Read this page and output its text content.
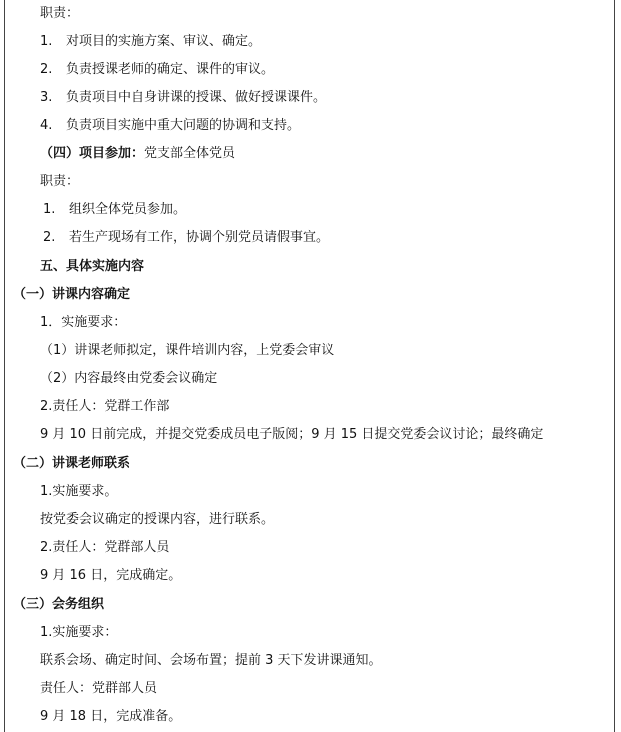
职责：
1. 对项目的实施方案、审议、确定。
2. 负责授课老师的确定、课件的审议。
3. 负责项目中自身讲课的授课、做好授课课件。
4. 负责项目实施中重大问题的协调和支持。
（四）项目参加：党支部全体党员
职责：
1. 组织全体党员参加。
2. 若生产现场有工作，协调个别党员请假事宜。
五、具体实施内容
（一）讲课内容确定
1．实施要求：
（1）讲课老师拟定，课件培训内容，上党委会审议
（2）内容最终由党委会议确定
2.责任人：党群工作部
9 月 10 日前完成，并提交党委成员电子版阅；9 月 15 日提交党委会议讨论；最终确定
（二）讲课老师联系
1.实施要求。
按党委会议确定的授课内容，进行联系。
2.责任人：党群部人员
9 月 16 日，完成确定。
（三）会务组织
1.实施要求：
联系会场、确定时间、会场布置；提前 3 天下发讲课通知。
责任人：党群部人员
9 月 18 日，完成准备。
